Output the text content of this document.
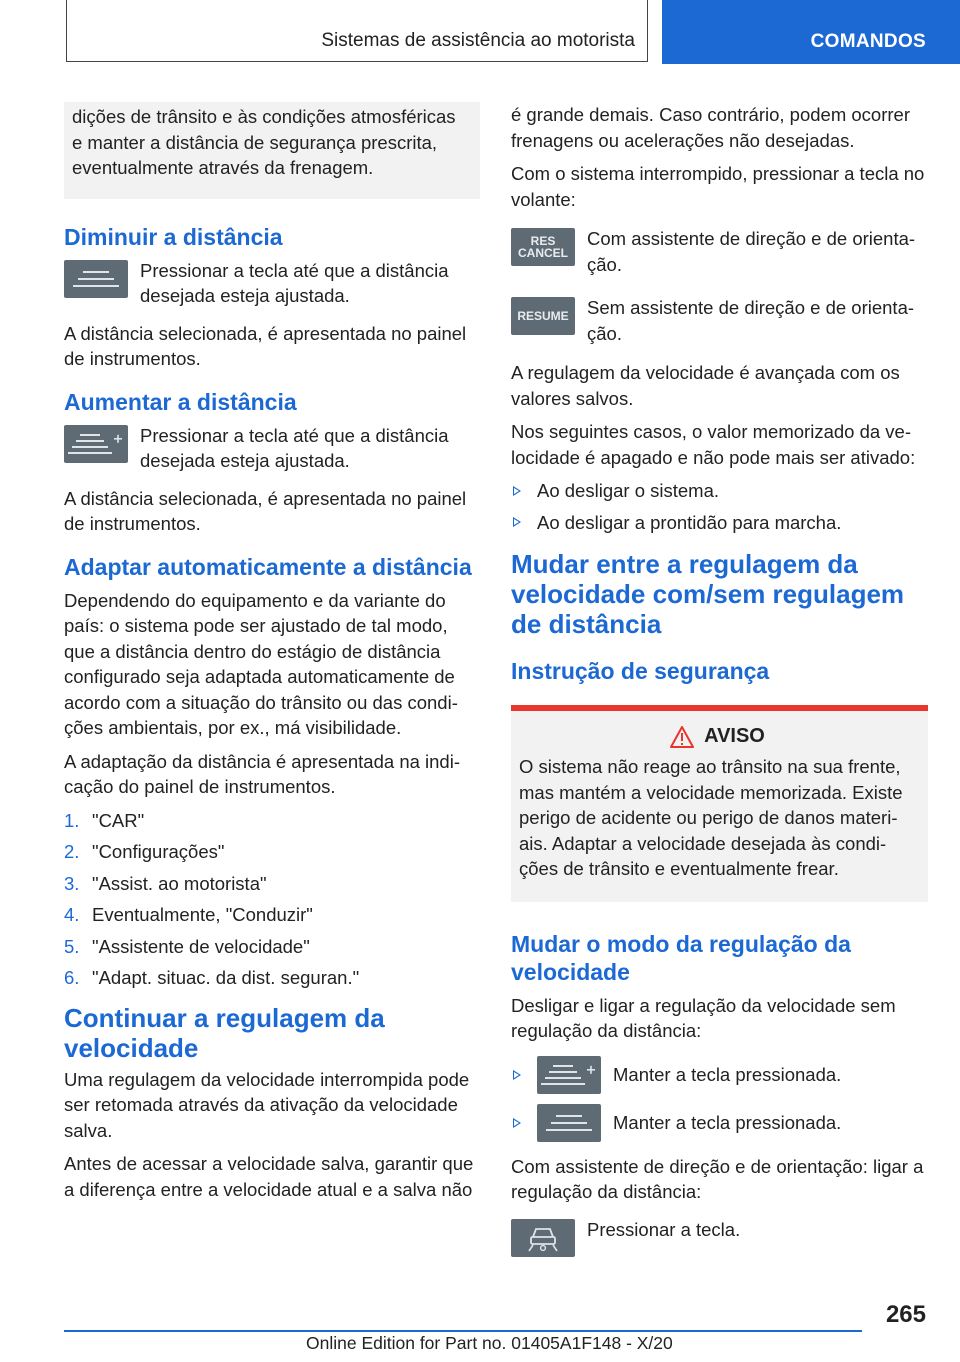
Sistemas de assistência ao motorista	COMANDOS

dições de trânsito e às condições atmosféricas e manter a distância de segurança prescrita, eventualmente através da frenagem.

Diminuir a distância

Pressionar a tecla até que a distância desejada esteja ajustada.

A distância selecionada, é apresentada no painel de instrumentos.

Aumentar a distância

Pressionar a tecla até que a distância desejada esteja ajustada.

A distância selecionada, é apresentada no painel de instrumentos.

Adaptar automaticamente a distância

Dependendo do equipamento e da variante do país: o sistema pode ser ajustado de tal modo, que a distância dentro do estágio de distância configurado seja adaptada automaticamente de acordo com a situação do trânsito ou das condições ambientais, por ex., má visibilidade.

A adaptação da distância é apresentada na indicação do painel de instrumentos.

1. "CAR"
2. "Configurações"
3. "Assist. ao motorista"
4. Eventualmente, "Conduzir"
5. "Assistente de velocidade"
6. "Adapt. situac. da dist. seguran."
Continuar a regulagem da velocidade

Uma regulagem da velocidade interrompida pode ser retomada através da ativação da velocidade salva.

Antes de acessar a velocidade salva, garantir que a diferença entre a velocidade atual e a salva não

é grande demais. Caso contrário, podem ocorrer frenagens ou acelerações não desejadas.

Com o sistema interrompido, pressionar a tecla no volante:

RES
CANCEL

Com assistente de direção e de orientação.

RESUME Sem assistente de direção e de orientação.

A regulagem da velocidade é avançada com os valores salvos.

Nos seguintes casos, o valor memorizado da velocidade é apagado e não pode mais ser ativado:

Ao desligar o sistema.
Ao desligar a prontidão para marcha.
Mudar entre a regulagem da velocidade com/sem regulagem de distância
Instrução de segurança
AVISO

O sistema não reage ao trânsito na sua frente, mas mantém a velocidade memorizada. Existe perigo de acidente ou perigo de danos materiais. Adaptar a velocidade desejada às condições de trânsito e eventualmente frear.

Mudar o modo da regulação da velocidade

Desligar e ligar a regulação da velocidade sem regulação da distância:

Manter a tecla pressionada.
Manter a tecla pressionada.

Com assistente de direção e de orientação: ligar a regulação da distância:

Pressionar a tecla.

265
Online Edition for Part no. 01405A1F148 - X/20
